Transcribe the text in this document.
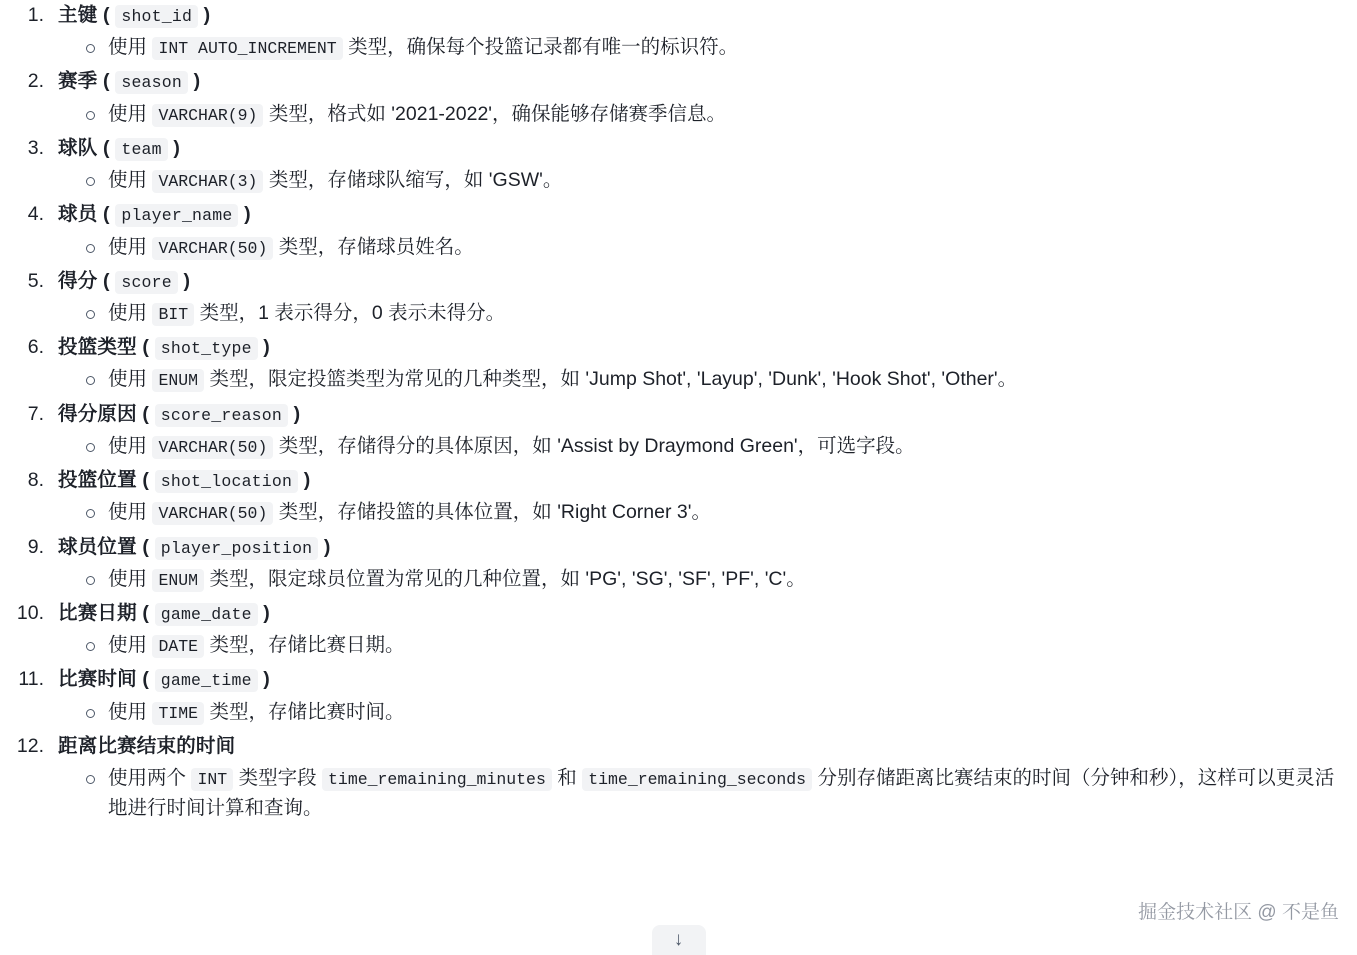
1. 主键 ( shot_id )
使用 INT AUTO_INCREMENT 类型，确保每个投篮记录都有唯一的标识符。
2. 赛季 ( season )
使用 VARCHAR(9) 类型，格式如 '2021-2022'，确保能够存储赛季信息。
3. 球队 ( team )
使用 VARCHAR(3) 类型，存储球队缩写，如 'GSW'。
4. 球员 ( player_name )
使用 VARCHAR(50) 类型，存储球员姓名。
5. 得分 ( score )
使用 BIT 类型，1 表示得分，0 表示未得分。
6. 投篮类型 ( shot_type )
使用 ENUM 类型，限定投篮类型为常见的几种类型，如 'Jump Shot', 'Layup', 'Dunk', 'Hook Shot', 'Other'。
7. 得分原因 ( score_reason )
使用 VARCHAR(50) 类型，存储得分的具体原因，如 'Assist by Draymond Green'，可选字段。
8. 投篮位置 ( shot_location )
使用 VARCHAR(50) 类型，存储投篮的具体位置，如 'Right Corner 3'。
9. 球员位置 ( player_position )
使用 ENUM 类型，限定球员位置为常见的几种位置，如 'PG', 'SG', 'SF', 'PF', 'C'。
10. 比赛日期 ( game_date )
使用 DATE 类型，存储比赛日期。
11. 比赛时间 ( game_time )
使用 TIME 类型，存储比赛时间。
12. 距离比赛结束的时间
使用两个 INT 类型字段 time_remaining_minutes 和 time_remaining_seconds 分别存储距离比赛结束的时间（分钟和秒），这样可以更灵活地进行时间计算和查询。
掘金技术社区 @ 不是鱼
↓
